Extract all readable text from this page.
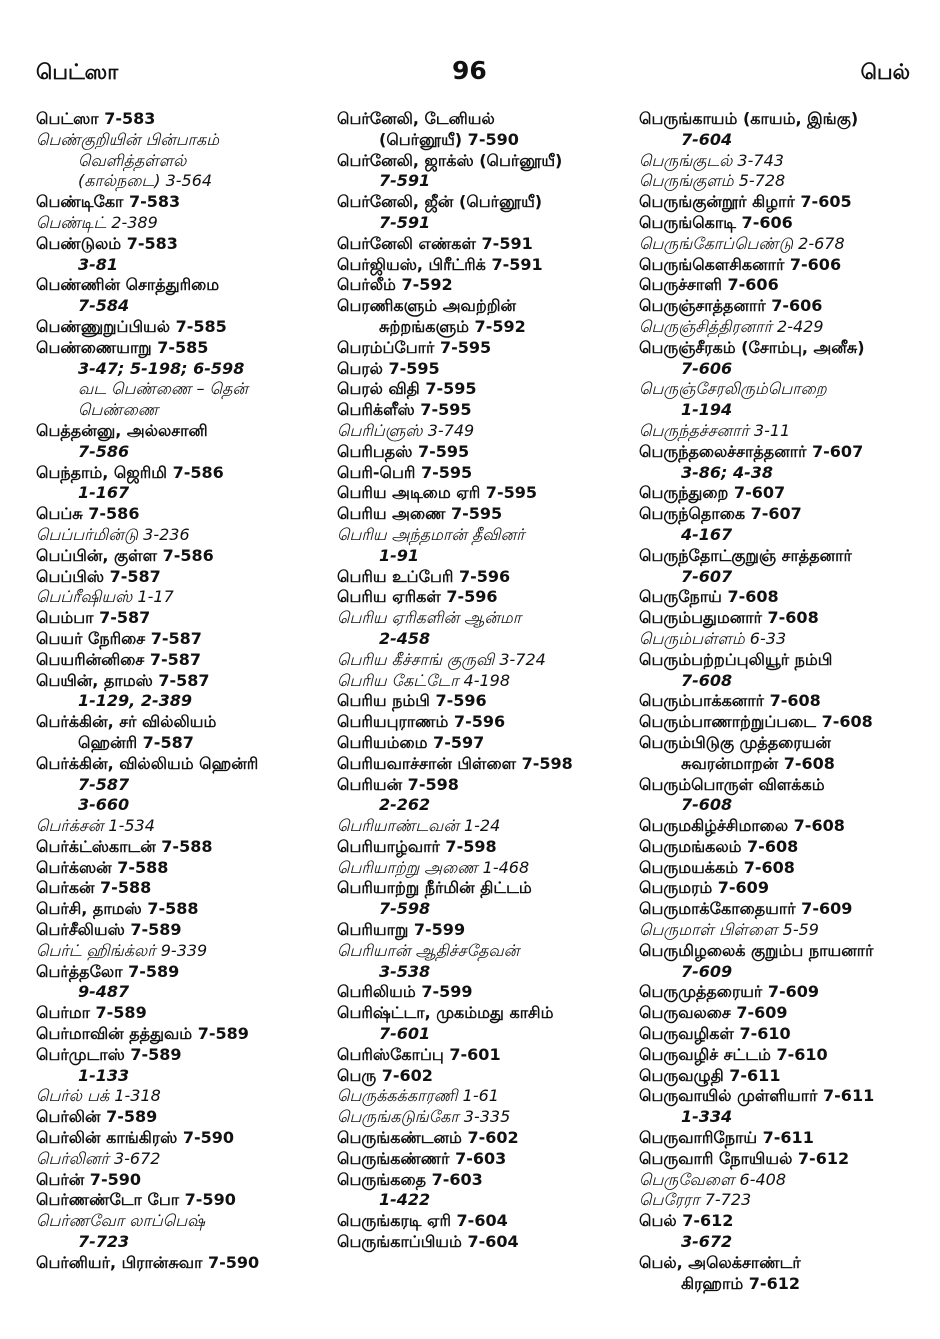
பெட்ஸா	96	பெல்
பெட்ஸா 7-583
பெண்குறியின் பின்பாகம்
வெளித்தள்ளல்
(கால்நடை) 3-564
பெண்டிகோ 7-583
பெண்டிட் 2-389
பெண்டுலம் 7-583
3-81
பெண்ணின் சொத்துரிமை
7-584
பெண்ணுறுப்பியல் 7-585
பெண்ணையாறு 7-585
3-47; 5-198; 6-598
வட பெண்ணை – தென்
பெண்ணை
பெத்தன்னு, அல்லசானி
7-586
பெந்தாம், ஜெரிமி 7-586
1-167
பெப்சு 7-586
பெப்பர்மின்டு 3-236
பெப்பின், குள்ள 7-586
பெப்பிஸ் 7-587
பெப்ரீஷியஸ் 1-17
பெம்பா 7-587
பெயர் நேரிசை 7-587
பெயரின்னிசை 7-587
பெயின், தாமஸ் 7-587
1-129, 2-389
பெர்க்கின், சர் வில்லியம்
ஹென்ரி 7-587
பெர்க்கின், வில்லியம் ஹென்ரி
7-587
3-660
பெர்க்சன் 1-534
பெர்க்ட்ஸ்காடன் 7-588
பெர்க்ஸன் 7-588
பெர்கன் 7-588
பெர்சி, தாமஸ் 7-588
பெர்சீலியஸ் 7-589
பெர்ட் ஹிங்க்லர் 9-339
பெர்த்தலோ 7-589
9-487
பெர்மா 7-589
பெர்மாவின் தத்துவம் 7-589
பெர்முடாஸ் 7-589
1-133
பெர்ல் பக் 1-318
பெர்லின் 7-589
பெர்லின் காங்கிரஸ் 7-590
பெர்லினர் 3-672
பெர்ன் 7-590
பெர்ணண்டோ போ 7-590
பெர்ணவோ லாப்பெஷ்
7-723
பெர்னியர், பிரான்சுவா 7-590
பெர்னேலி, டேனியல்
(பெர்னூயீ) 7-590
பெர்னேலி, ஜாக்ஸ் (பெர்னூயீ)
7-591
பெர்னேலி, ஜீன் (பெர்னூயீ)
7-591
பெர்னேலி எண்கள் 7-591
பெர்ஜியஸ், பிரீட்ரிக் 7-591
பெர்லீம் 7-592
பெரணிகளும் அவற்றின்
சுற்றங்களும் 7-592
பெரம்ப்போர் 7-595
பெரல் 7-595
பெரல் விதி 7-595
பெரிக்ளீஸ் 7-595
பெரிப்ளுஸ் 3-749
பெரிபதஸ் 7-595
பெரி-பெரி 7-595
பெரிய அடிமை ஏரி 7-595
பெரிய அணை 7-595
பெரிய அந்தமான் தீவினர்
1-91
பெரிய உப்பேரி 7-596
பெரிய ஏரிகள் 7-596
பெரிய ஏரிகளின் ஆன்மா
2-458
பெரிய கீச்சாங் குருவி 3-724
பெரிய கேட்டோ 4-198
பெரிய நம்பி 7-596
பெரியபுராணம் 7-596
பெரியம்மை 7-597
பெரியவாச்சான் பிள்ளை 7-598
பெரியன் 7-598
2-262
பெரியாண்டவன் 1-24
பெரியாழ்வார் 7-598
பெரியாற்று அணை 1-468
பெரியாற்று நீர்மின் திட்டம்
7-598
பெரியாறு 7-599
பெரியான் ஆதிச்சதேவன்
3-538
பெரிலியம் 7-599
பெரிஷ்ட்டா, முகம்மது காசிம்
7-601
பெரிஸ்கோப்பு 7-601
பெரு 7-602
பெருக்கக்காரணி 1-61
பெருங்கடுங்கோ 3-335
பெருங்கண்டனம் 7-602
பெருங்கண்ணர் 7-603
பெருங்கதை 7-603
1-422
பெருங்கரடி ஏரி 7-604
பெருங்காப்பியம் 7-604
பெருங்காயம் (காயம், இங்கு)
7-604
பெருங்குடல் 3-743
பெருங்குளம் 5-728
பெருங்குன்றூர் கிழார் 7-605
பெருங்கொடி 7-606
பெருங்கோப்பெண்டு 2-678
பெருங்கௌசிகனார் 7-606
பெருச்சாளி 7-606
பெருஞ்சாத்தனார் 7-606
பெருஞ்சித்திரனார் 2-429
பெருஞ்சீரகம் (சோம்பு, அனீசு)
7-606
பெருஞ்சேரலிரும்பொறை
1-194
பெருந்தச்சனார் 3-11
பெருந்தலைச்சாத்தனார் 7-607
3-86; 4-38
பெருந்துறை 7-607
பெருந்தொகை 7-607
4-167
பெருந்தோட்குறுஞ் சாத்தனார்
7-607
பெருநோய் 7-608
பெரும்பதுமனார் 7-608
பெரும்பள்ளம் 6-33
பெரும்பற்றப்புலியூர் நம்பி
7-608
பெரும்பாக்கனார் 7-608
பெரும்பாணாற்றுப்படை 7-608
பெரும்பிடுகு முத்தரையன்
சுவரன்மாறன் 7-608
பெரும்பொருள் விளக்கம்
7-608
பெருமகிழ்ச்சிமாலை 7-608
பெருமங்கலம் 7-608
பெருமயக்கம் 7-608
பெருமரம் 7-609
பெருமாக்கோதையார் 7-609
பெருமாள் பிள்ளை 5-59
பெருமிழலைக் குறும்ப நாயனார்
7-609
பெருமுத்தரையர் 7-609
பெருவலசை 7-609
பெருவழிகள் 7-610
பெருவழிச் சட்டம் 7-610
பெருவழுதி 7-611
பெருவாயில் முள்ளியார் 7-611
1-334
பெருவாரிநோய் 7-611
பெருவாரி நோயியல் 7-612
பெருவேளை 6-408
பெரேரா 7-723
பெல் 7-612
3-672
பெல், அலெக்சாண்டர்
கிரஹாம் 7-612
